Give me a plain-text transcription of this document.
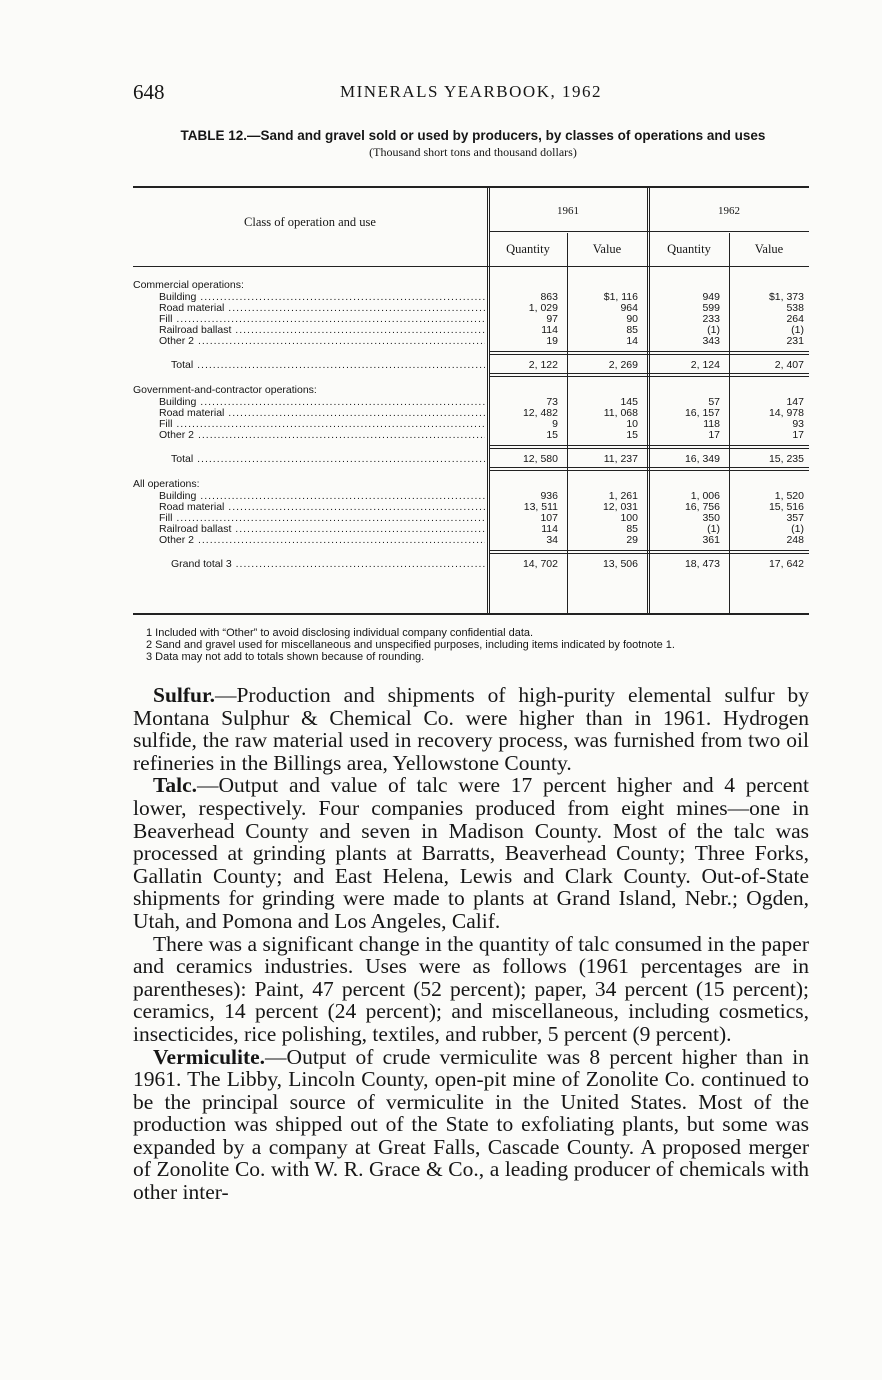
648	MINERALS YEARBOOK, 1962
TABLE 12.—Sand and gravel sold or used by producers, by classes of operations and uses
(Thousand short tons and thousand dollars)
Class of operation and use
1961	1962
Quantity	Value	Quantity	Value
Commercial operations:
Building .....	863	$1, 116	949	$1, 373
Road material .....	1, 029	964	599	538
Fill .....	97	90	233	264
Railroad ballast .....	114	85	(1)	(1)
Other 2 .....	19	14	343	231
Total .....	2, 122	2, 269	2, 124	2, 407
Government-and-contractor operations:
Building .....	73	145	57	147
Road material .....	12, 482	11, 068	16, 157	14, 978
Fill .....	9	10	118	93
Other 2 .....	15	15	17	17
Total .....	12, 580	11, 237	16, 349	15, 235
All operations:
Building .....	936	1, 261	1, 006	1, 520
Road material .....	13, 511	12, 031	16, 756	15, 516
Fill .....	107	100	350	357
Railroad ballast .....	114	85	(1)	(1)
Other 2 .....	34	29	361	248
Grand total 3 .....	14, 702	13, 506	18, 473	17, 642
1 Included with “Other” to avoid disclosing individual company confidential data.
2 Sand and gravel used for miscellaneous and unspecified purposes, including items indicated by footnote 1.
3 Data may not add to totals shown because of rounding.

Sulfur.—Production and shipments of high-purity elemental sulfur by Montana Sulphur & Chemical Co. were higher than in 1961. Hydrogen sulfide, the raw material used in recovery process, was furnished from two oil refineries in the Billings area, Yellowstone County.

Talc.—Output and value of talc were 17 percent higher and 4 percent lower, respectively. Four companies produced from eight mines—one in Beaverhead County and seven in Madison County. Most of the talc was processed at grinding plants at Barratts, Beaverhead County; Three Forks, Gallatin County; and East Helena, Lewis and Clark County. Out-of-State shipments for grinding were made to plants at Grand Island, Nebr.; Ogden, Utah, and Pomona and Los Angeles, Calif.

There was a significant change in the quantity of talc consumed in the paper and ceramics industries. Uses were as follows (1961 percentages are in parentheses): Paint, 47 percent (52 percent); paper, 34 percent (15 percent); ceramics, 14 percent (24 percent); and miscellaneous, including cosmetics, insecticides, rice polishing, textiles, and rubber, 5 percent (9 percent).

Vermiculite.—Output of crude vermiculite was 8 percent higher than in 1961. The Libby, Lincoln County, open-pit mine of Zonolite Co. continued to be the principal source of vermiculite in the United States. Most of the production was shipped out of the State to exfoliating plants, but some was expanded by a company at Great Falls, Cascade County. A proposed merger of Zonolite Co. with W. R. Grace & Co., a leading producer of chemicals with other inter-
